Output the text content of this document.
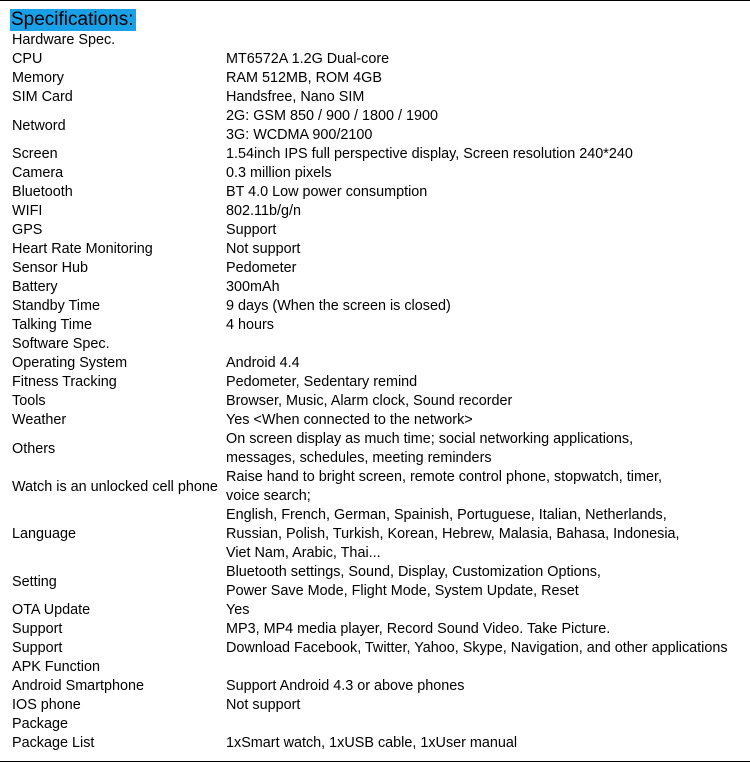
Specifications:
Hardware Spec.	

CPU	MT6572A 1.2G Dual-core

Memory	RAM 512MB, ROM 4GB

SIM Card	Handsfree, Nano SIM

Netword	2G: GSM 850 / 900 / 1800 / 1900
3G: WCDMA 900/2100

Screen	1.54inch IPS full perspective display, Screen resolution 240*240

Camera	0.3 million pixels

Bluetooth	BT 4.0 Low power consumption

WIFI	802.11b/g/n

GPS	Support

Heart Rate Monitoring	Not support

Sensor Hub	Pedometer

Battery	300mAh

Standby Time	9 days (When the screen is closed)

Talking Time	4 hours

Software Spec.	

Operating System	Android 4.4

Fitness Tracking	Pedometer, Sedentary remind

Tools	Browser, Music, Alarm clock, Sound recorder

Weather	Yes <When connected to the network>

Others	On screen display as much time; social networking applications,
messages, schedules, meeting reminders

Watch is an unlocked cell phone	Raise hand to bright screen, remote control phone, stopwatch, timer,
voice search;

Language	English, French, German, Spainish, Portuguese, Italian, Netherlands,
Russian, Polish, Turkish, Korean, Hebrew, Malasia, Bahasa, Indonesia,
Viet Nam, Arabic, Thai...

Setting	Bluetooth settings, Sound, Display, Customization Options,
Power Save Mode, Flight Mode, System Update, Reset

OTA Update	Yes

Support	MP3, MP4 media player, Record Sound Video. Take Picture.

Support	Download Facebook, Twitter, Yahoo, Skype, Navigation, and other applications

APK Function	

Android Smartphone	Support Android 4.3 or above phones

IOS phone	Not support

Package	

Package List	1xSmart watch, 1xUSB cable, 1xUser manual
